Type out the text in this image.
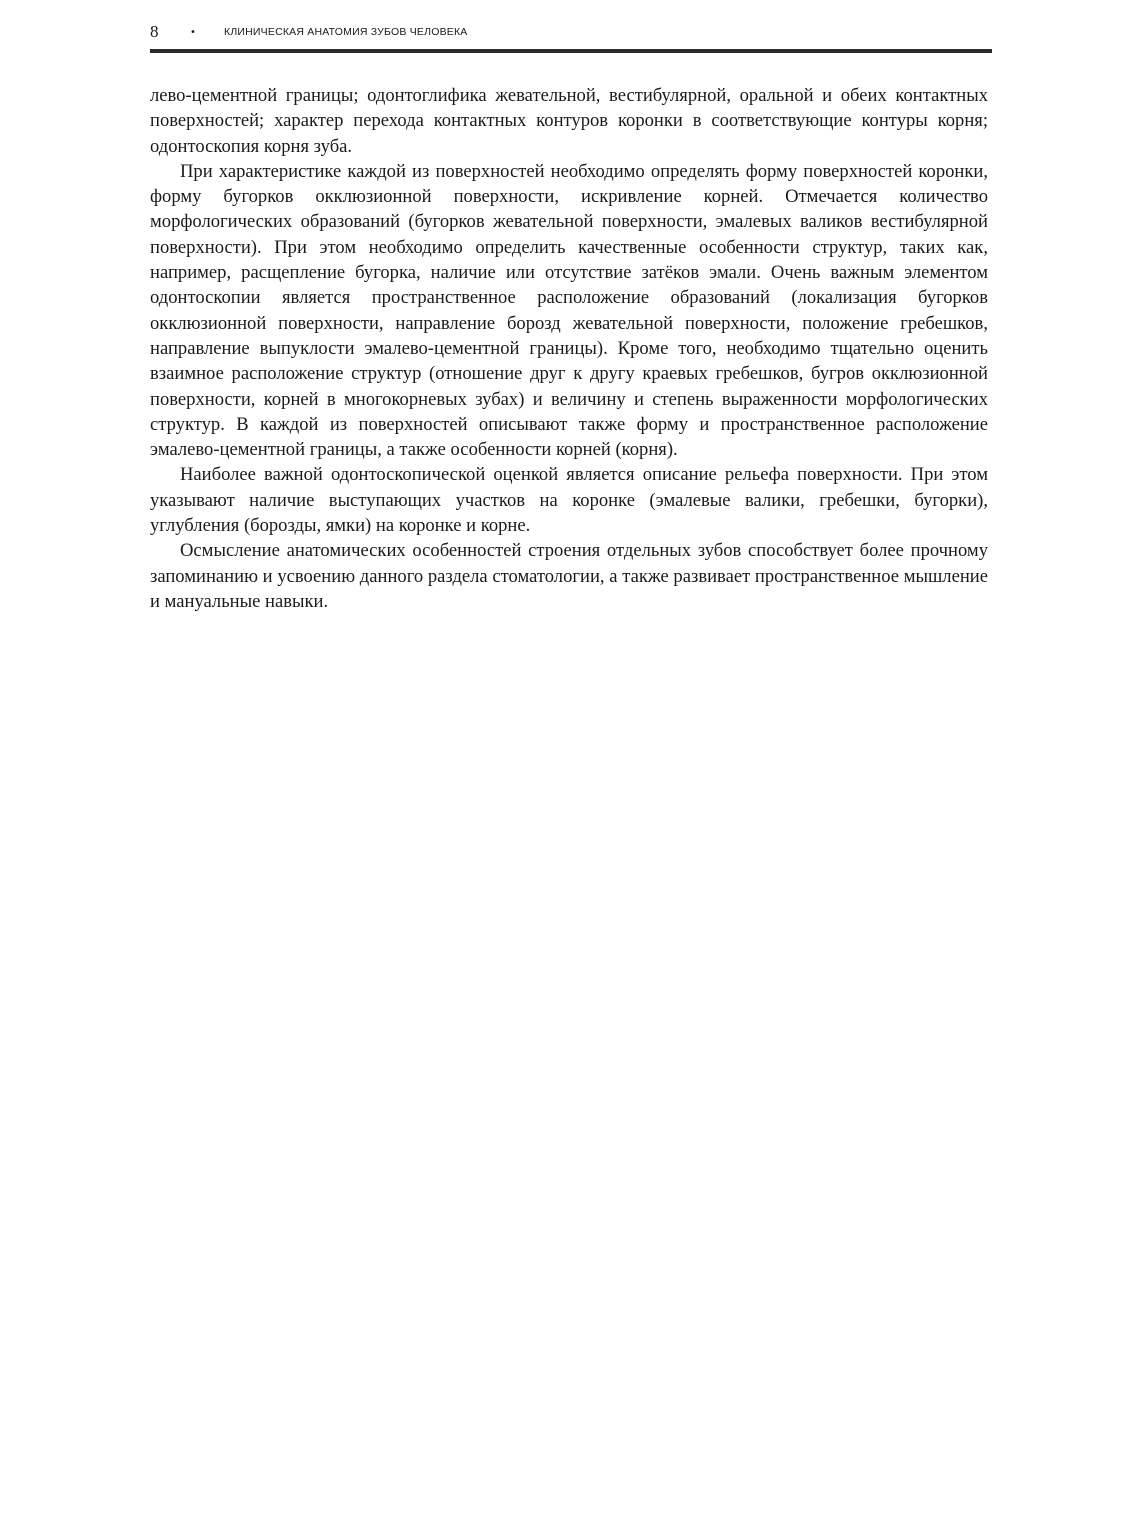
8	•	КЛИНИЧЕСКАЯ АНАТОМИЯ ЗУБОВ ЧЕЛОВЕКА

лево-цементной границы; одонтоглифика жевательной, вестибулярной, оральной и обеих контактных поверхностей; характер перехода контактных контуров коронки в соответствующие контуры корня; одонтоскопия корня зуба.

При характеристике каждой из поверхностей необходимо определять форму поверхностей коронки, форму бугорков окклюзионной поверхности, искривление корней. Отмечается количество морфологических образований (бугорков жевательной поверхности, эмалевых валиков вестибулярной поверхности). При этом необходимо определить качественные особенности структур, таких как, например, расщепление бугорка, наличие или отсутствие затёков эмали. Очень важным элементом одонтоскопии является пространственное расположение образований (локализация бугорков окклюзионной поверхности, направление борозд жевательной поверхности, положение гребешков, направление выпуклости эмалево-цементной границы). Кроме того, необходимо тщательно оценить взаимное расположение структур (отношение друг к другу краевых гребешков, бугров окклюзионной поверхности, корней в многокорневых зубах) и величину и степень выраженности морфологических структур. В каждой из поверхностей описывают также форму и пространственное расположение эмалево-цементной границы, а также особенности корней (корня).

Наиболее важной одонтоскопической оценкой является описание рельефа поверхности. При этом указывают наличие выступающих участков на коронке (эмалевые валики, гребешки, бугорки), углубления (борозды, ямки) на коронке и корне.

Осмысление анатомических особенностей строения отдельных зубов способствует более прочному запоминанию и усвоению данного раздела стоматологии, а также развивает пространственное мышление и мануальные навыки.
